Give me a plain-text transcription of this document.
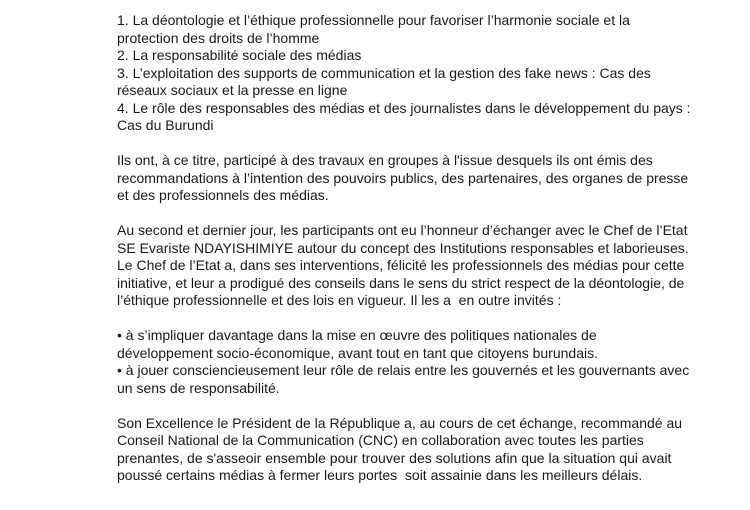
1. La déontologie et l’éthique professionnelle pour favoriser l’harmonie sociale et la
protection des droits de l’homme
2. La responsabilité sociale des médias
3. L’exploitation des supports de communication et la gestion des fake news : Cas des
réseaux sociaux et la presse en ligne
4. Le rôle des responsables des médias et des journalistes dans le développement du pays :
Cas du Burundi
Ils ont, à ce titre, participé à des travaux en groupes à l'issue desquels ils ont émis des
recommandations à l’intention des pouvoirs publics, des partenaires, des organes de presse
et des professionnels des médias.
Au second et dernier jour, les participants ont eu l’honneur d’échanger avec le Chef de l’Etat
SE Evariste NDAYISHIMIYE autour du concept des Institutions responsables et laborieuses.
Le Chef de l’Etat a, dans ses interventions, félicité les professionnels des médias pour cette
initiative, et leur a prodigué des conseils dans le sens du strict respect de la déontologie, de
l’éthique professionnelle et des lois en vigueur. Il les a  en outre invités :
• à s’impliquer davantage dans la mise en œuvre des politiques nationales de
développement socio-économique, avant tout en tant que citoyens burundais.
• à jouer consciencieusement leur rôle de relais entre les gouvernés et les gouvernants avec
un sens de responsabilité.
Son Excellence le Président de la République a, au cours de cet échange, recommandé au
Conseil National de la Communication (CNC) en collaboration avec toutes les parties
prenantes, de s'asseoir ensemble pour trouver des solutions afin que la situation qui avait
poussé certains médias à fermer leurs portes  soit assainie dans les meilleurs délais.
